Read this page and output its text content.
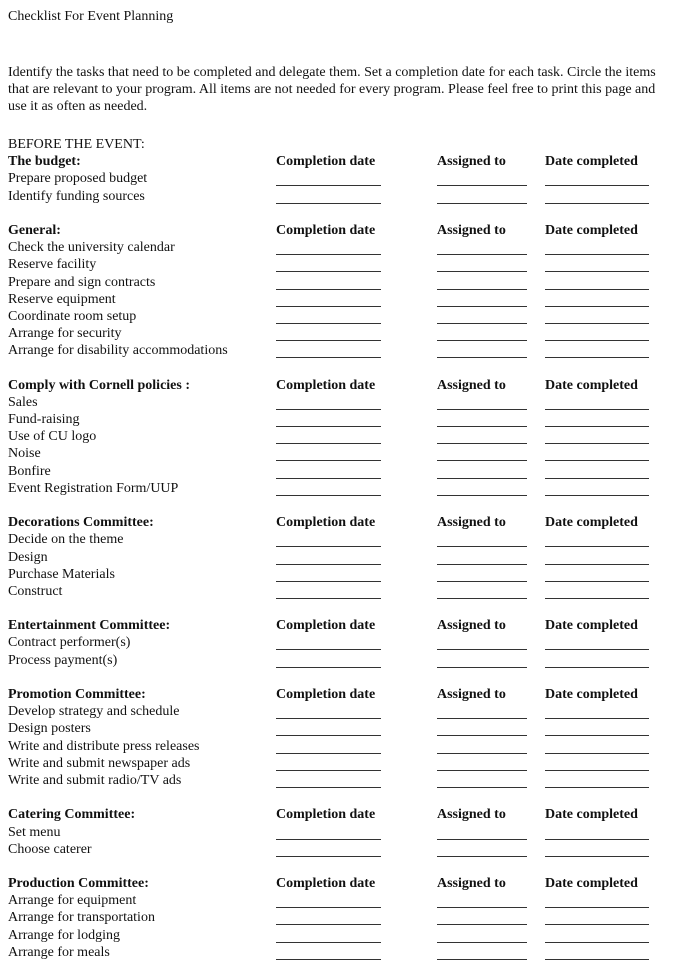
Checklist For Event Planning
Identify the tasks that need to be completed and delegate them. Set a completion date for each task. Circle the items that are relevant to your program. All items are not needed for every program. Please feel free to print this page and use it as often as needed.
BEFORE THE EVENT:
The budget:	Completion date	Assigned to	Date completed
Prepare proposed budget
Identify funding sources
General:	Completion date	Assigned to	Date completed
Check the university calendar
Reserve facility
Prepare and sign contracts
Reserve equipment
Coordinate room setup
Arrange for security
Arrange for disability accommodations
Comply with Cornell policies :	Completion date	Assigned to	Date completed
Sales
Fund-raising
Use of CU logo
Noise
Bonfire
Event Registration Form/UUP
Decorations Committee:	Completion date	Assigned to	Date completed
Decide on the theme
Design
Purchase Materials
Construct
Entertainment Committee:	Completion date	Assigned to	Date completed
Contract performer(s)
Process payment(s)
Promotion Committee:	Completion date	Assigned to	Date completed
Develop strategy and schedule
Design posters
Write and distribute press releases
Write and submit newspaper ads
Write and submit radio/TV ads
Catering Committee:	Completion date	Assigned to	Date completed
Set menu
Choose caterer
Production Committee:	Completion date	Assigned to	Date completed
Arrange for equipment
Arrange for transportation
Arrange for lodging
Arrange for meals
